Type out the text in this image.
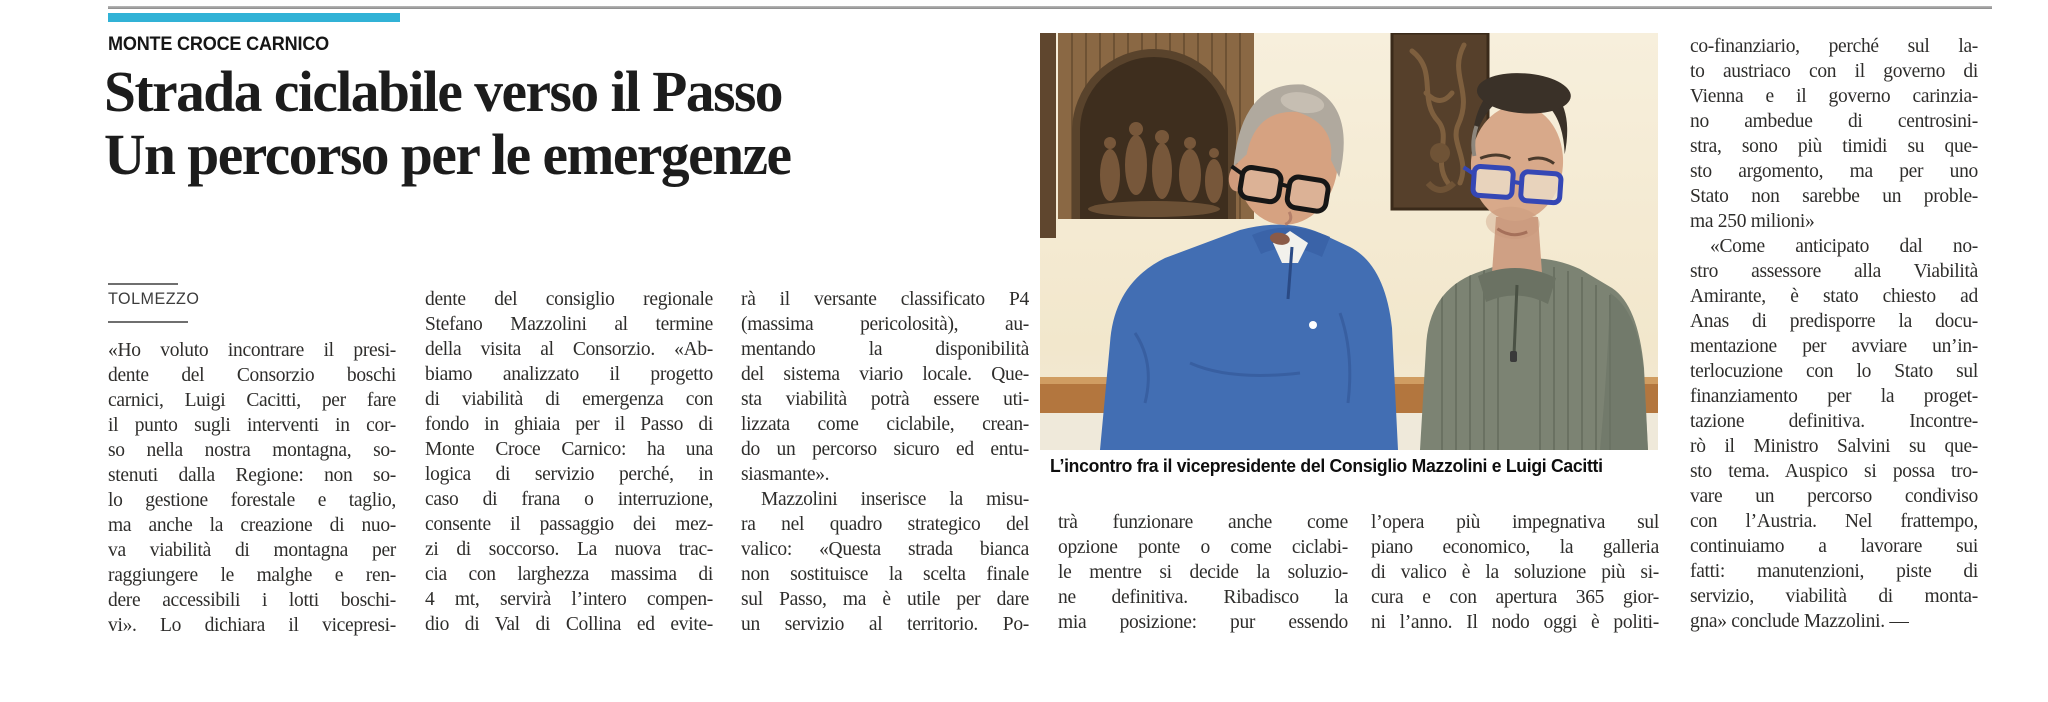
MONTE CROCE CARNICO
Strada ciclabile verso il Passo
Un percorso per le emergenze
TOLMEZZO
«Ho voluto incontrare il presi-
dente del Consorzio boschi
carnici, Luigi Cacitti, per fare
il punto sugli interventi in cor-
so nella nostra montagna, so-
stenuti dalla Regione: non so-
lo gestione forestale e taglio,
ma anche la creazione di nuo-
va viabilità di montagna per
raggiungere le malghe e ren-
dere accessibili i lotti boschi-
vi». Lo dichiara il vicepresi-
dente del consiglio regionale
Stefano Mazzolini al termine
della visita al Consorzio. «Ab-
biamo analizzato il progetto
di viabilità di emergenza con
fondo in ghiaia per il Passo di
Monte Croce Carnico: ha una
logica di servizio perché, in
caso di frana o interruzione,
consente il passaggio dei mez-
zi di soccorso. La nuova trac-
cia con larghezza massima di
4 mt, servirà l’intero compen-
dio di Val di Collina ed evite-
rà il versante classificato P4
(massima pericolosità), au-
mentando la disponibilità
del sistema viario locale. Que-
sta viabilità potrà essere uti-
lizzata come ciclabile, crean-
do un percorso sicuro ed entu-
siasmante».
Mazzolini inserisce la misu-
ra nel quadro strategico del
valico: «Questa strada bianca
non sostituisce la scelta finale
sul Passo, ma è utile per dare
un servizio al territorio. Po-
L’incontro fra il vicepresidente del Consiglio Mazzolini e Luigi Cacitti
trà funzionare anche come
opzione ponte o come ciclabi-
le mentre si decide la soluzio-
ne definitiva. Ribadisco la
mia posizione: pur essendo
l’opera più impegnativa sul
piano economico, la galleria
di valico è la soluzione più si-
cura e con apertura 365 gior-
ni l’anno. Il nodo oggi è politi-
co-finanziario, perché sul la-
to austriaco con il governo di
Vienna e il governo carinzia-
no ambedue di centrosini-
stra, sono più timidi su que-
sto argomento, ma per uno
Stato non sarebbe un proble-
ma 250 milioni»
«Come anticipato dal no-
stro assessore alla Viabilità
Amirante, è stato chiesto ad
Anas di predisporre la docu-
mentazione per avviare un’in-
terlocuzione con lo Stato sul
finanziamento per la proget-
tazione definitiva. Incontre-
rò il Ministro Salvini su que-
sto tema. Auspico si possa tro-
vare un percorso condiviso
con l’Austria. Nel frattempo,
continuiamo a lavorare sui
fatti: manutenzioni, piste di
servizio, viabilità di monta-
gna» conclude Mazzolini. —
